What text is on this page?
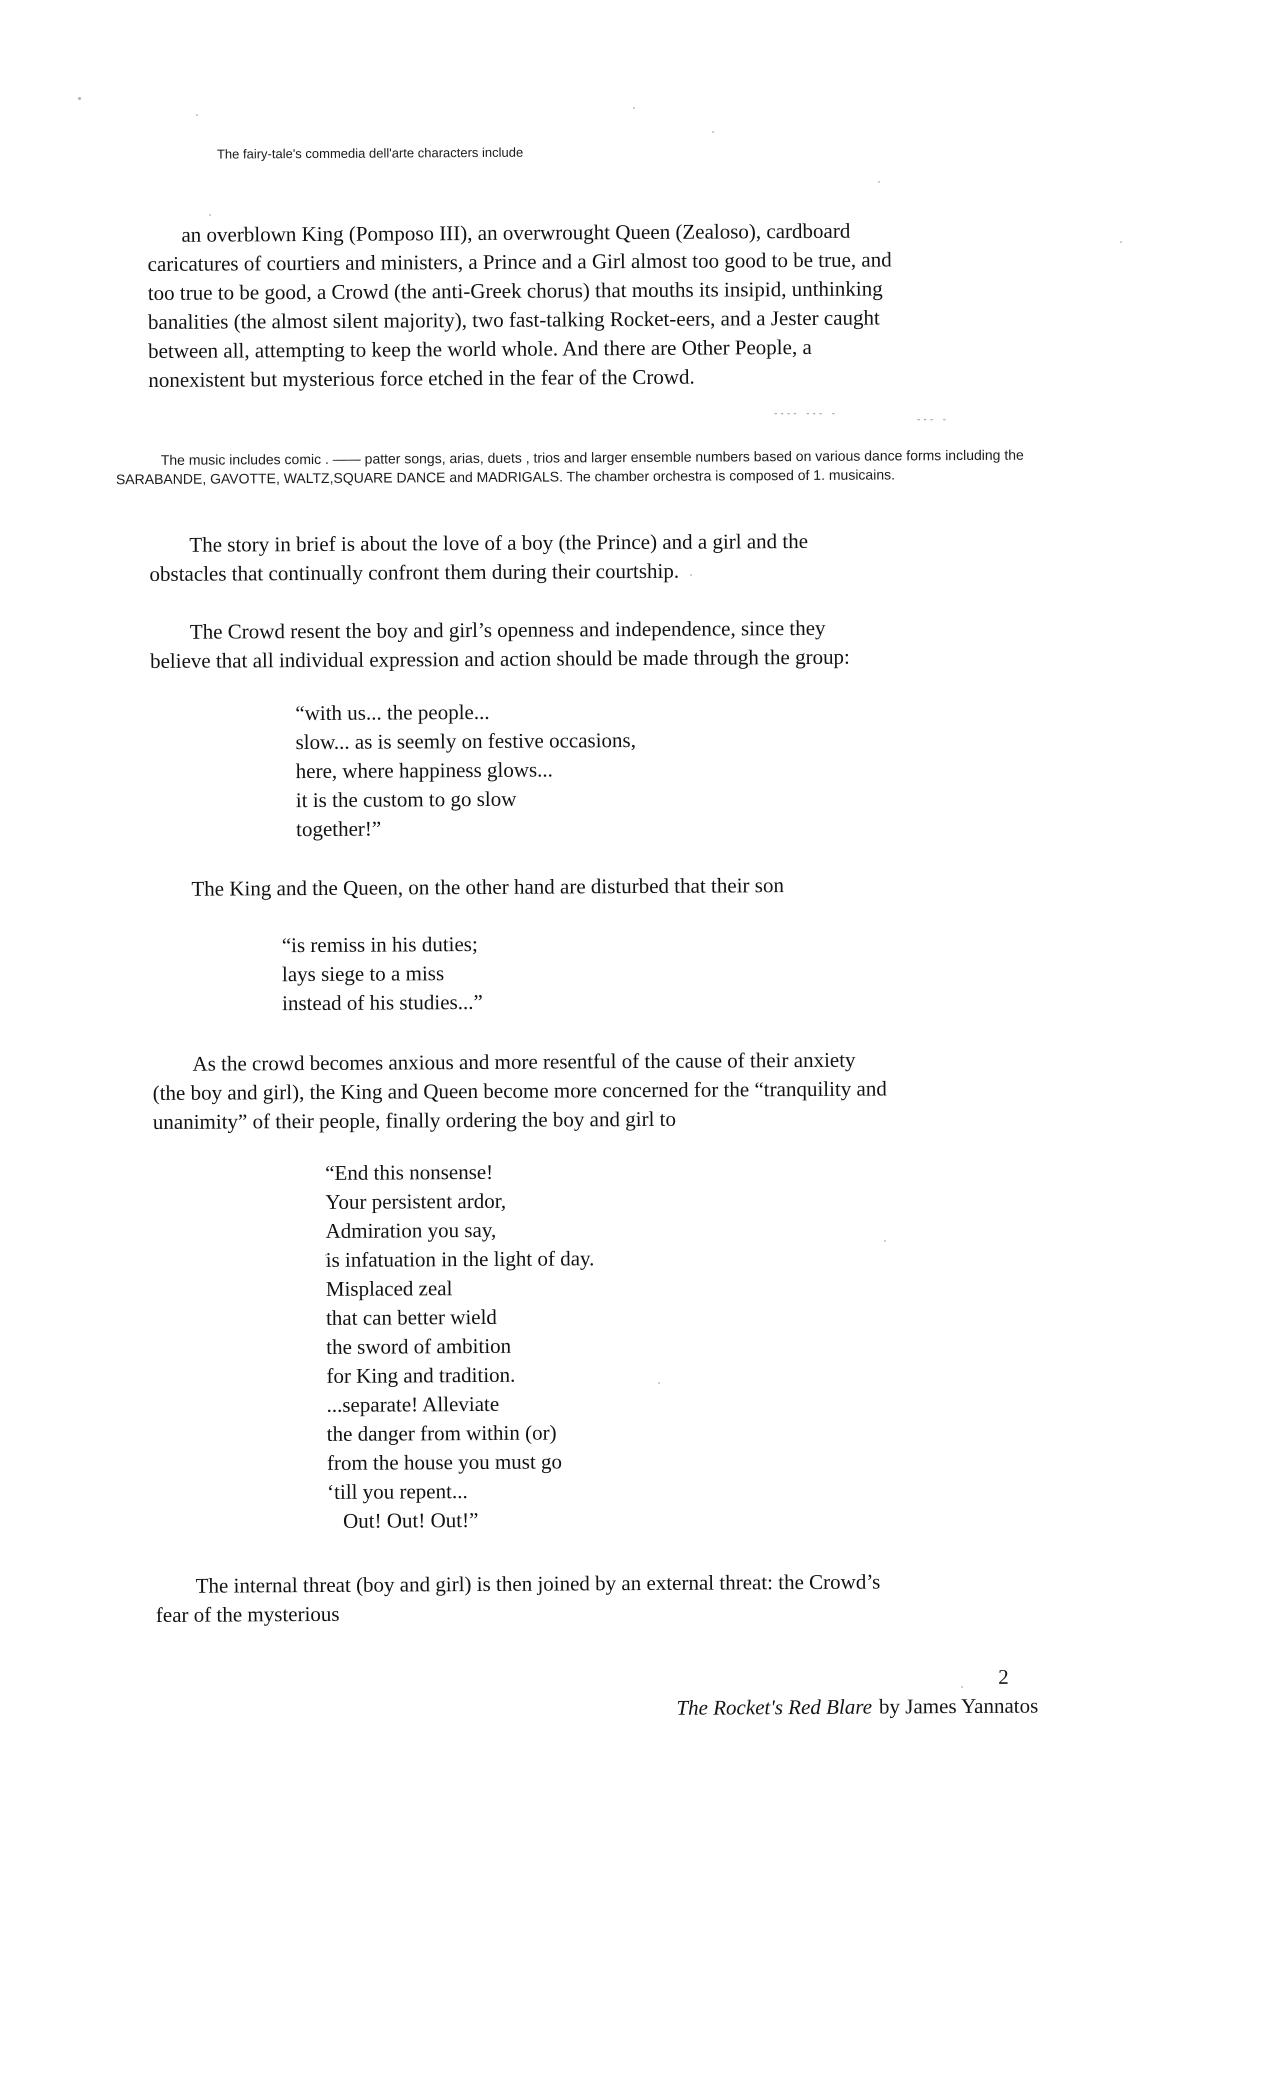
The fairy-tale's commedia dell'arte characters include
an overblown King (Pomposo III), an overwrought Queen (Zealoso), cardboard
caricatures of courtiers and ministers, a Prince and a Girl almost too good to be true, and
too true to be good, a Crowd (the anti-Greek chorus) that mouths its insipid, unthinking
banalities (the almost silent majority), two fast-talking Rocket-eers, and a Jester caught
between all, attempting to keep the world whole. And there are Other People, a
nonexistent but mysterious force etched in the fear of the Crowd.
The music includes comic . —— patter songs, arias, duets , trios and larger ensemble numbers based on various dance forms including the
SARABANDE, GAVOTTE, WALTZ,SQUARE DANCE and MADRIGALS. The chamber orchestra is composed of 1. musicains.
The story in brief is about the love of a boy (the Prince) and a girl and the
obstacles that continually confront them during their courtship.
The Crowd resent the boy and girl’s openness and independence, since they
believe that all individual expression and action should be made through the group:
“with us... the people...
slow... as is seemly on festive occasions,
here, where happiness glows...
it is the custom to go slow
together!”
The King and the Queen, on the other hand are disturbed that their son
“is remiss in his duties;
lays siege to a miss
instead of his studies...”
As the crowd becomes anxious and more resentful of the cause of their anxiety
(the boy and girl), the King and Queen become more concerned for the “tranquility and
unanimity” of their people, finally ordering the boy and girl to
“End this nonsense!
Your persistent ardor,
Admiration you say,
is infatuation in the light of day.
Misplaced zeal
that can better wield
the sword of ambition
for King and tradition.
...separate! Alleviate
the danger from within (or)
from the house you must go
‘till you repent...
Out! Out! Out!”
The internal threat (boy and girl) is then joined by an external threat: the Crowd’s
fear of the mysterious
2
The Rocket's Red Blare by James Yannatos
---- --- -
--- -
